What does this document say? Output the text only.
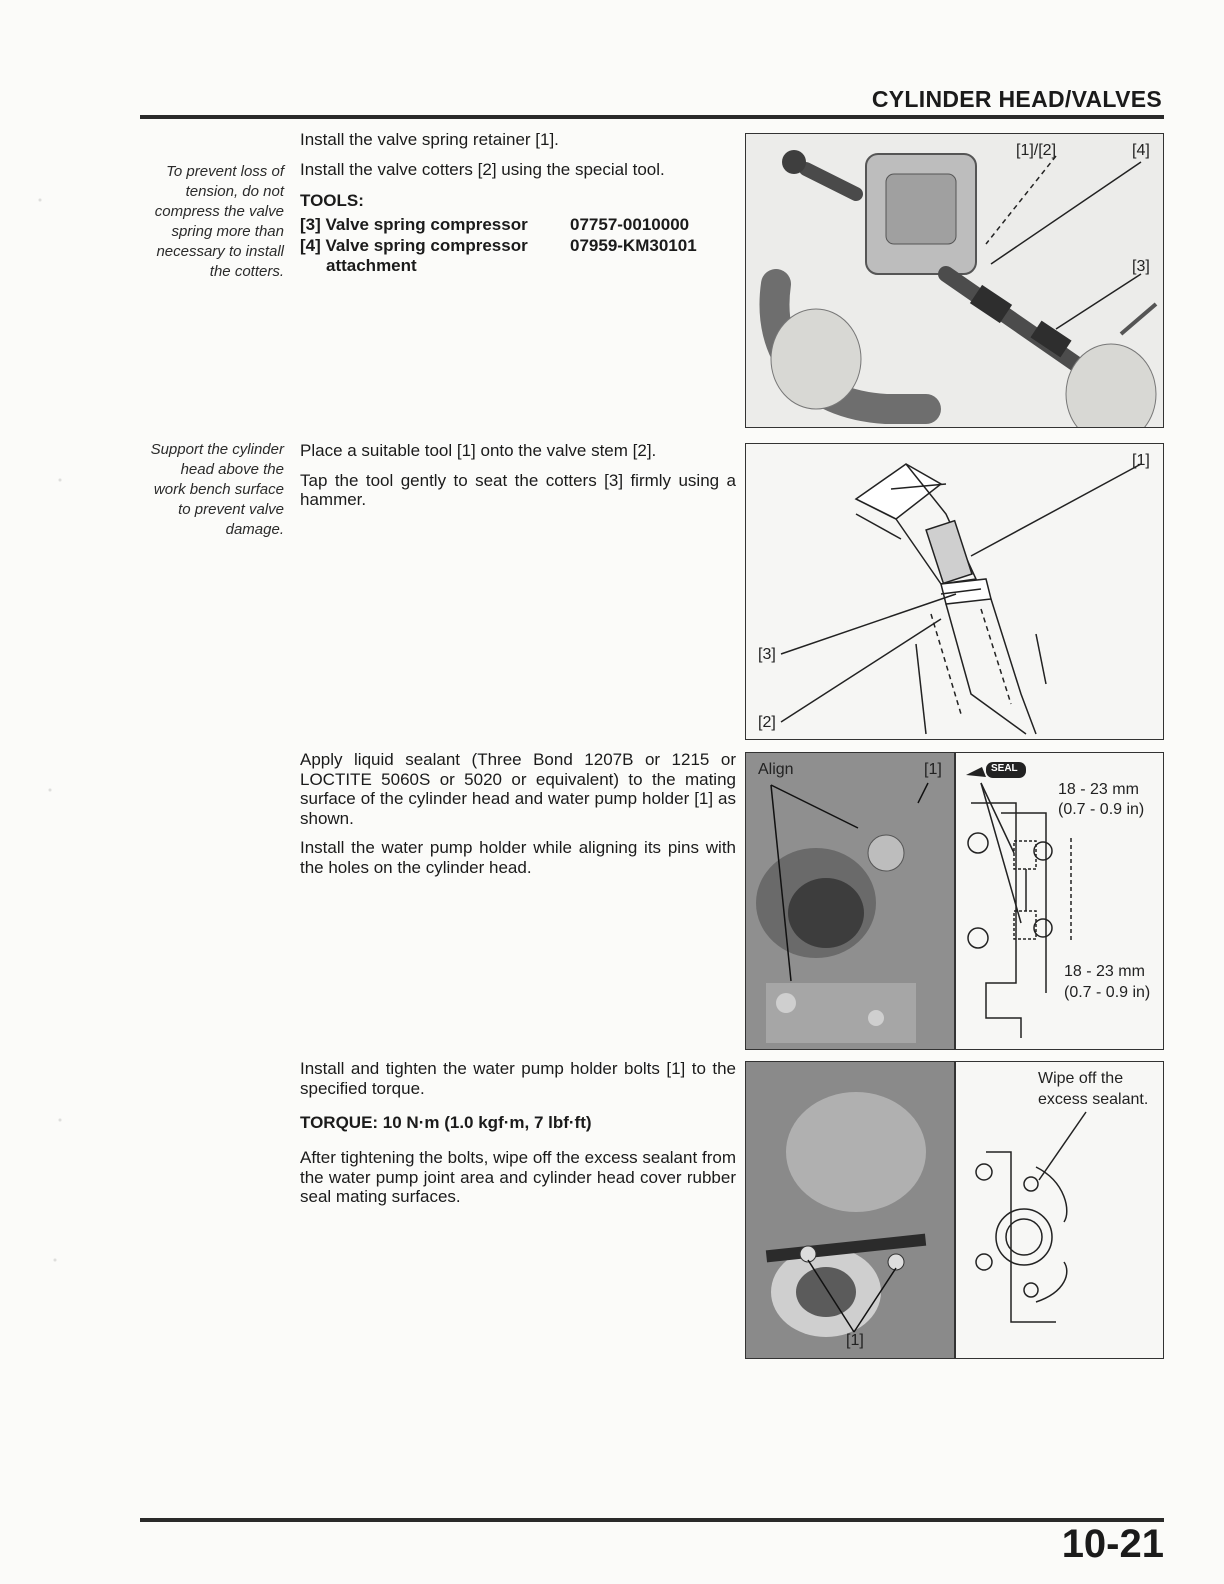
CYLINDER HEAD/VALVES
To prevent loss of
tension, do not
compress the valve
spring more than
necessary to install
the cotters.

Install the valve spring retainer [1].

Install the valve cotters [2] using the special tool.

TOOLS:
[3] Valve spring compressor 07757-0010000
[4] Valve spring compressor 07959-KM30101
attachment
[1]/[2]	[4]
[3]
Support the cylinder
head above the
work bench surface
to prevent valve
damage.

Place a suitable tool [1] onto the valve stem [2].

Tap the tool gently to seat the cotters [3] firmly using a hammer.

[1]
[3]
[2]

Apply liquid sealant (Three Bond 1207B or 1215 or LOCTITE 5060S or 5020 or equivalent) to the mating surface of the cylinder head and water pump holder [1] as shown.

Install the water pump holder while aligning its pins with the holes on the cylinder head.

Align	[1]	SEAL
18 - 23 mm
(0.7 - 0.9 in)
18 - 23 mm
(0.7 - 0.9 in)

Install and tighten the water pump holder bolts [1] to the specified torque.

TORQUE: 10 N·m (1.0 kgf·m, 7 lbf·ft)

After tightening the bolts, wipe off the excess sealant from the water pump joint area and cylinder head cover rubber seal mating surfaces.

[1]
Wipe off the
excess sealant.
10-21
